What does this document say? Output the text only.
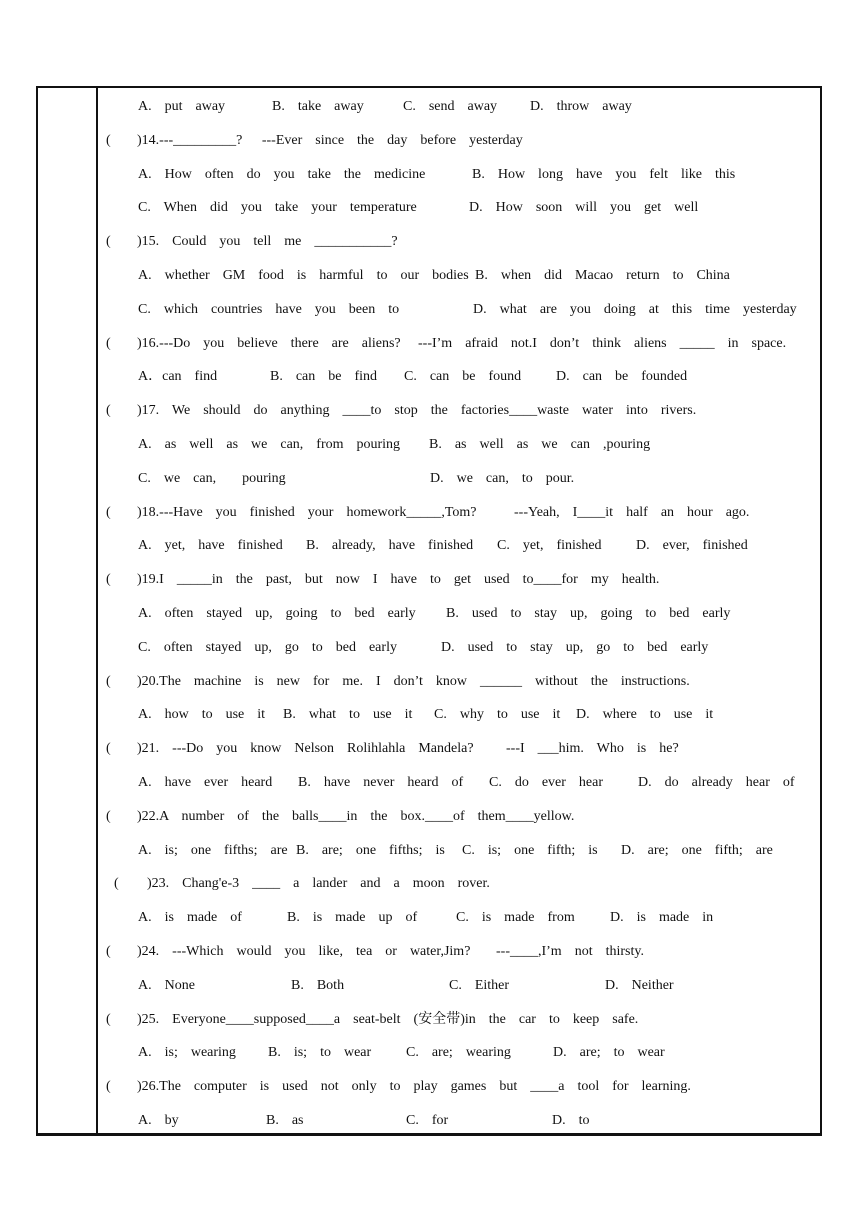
A.  put  away	B.  take  away	C.  send  away D.  throw  away
( )14.---_________?   ---Ever  since  the  day  before  yesterday
A.  How  often  do  you  take  the  medicine	B.  How  long  have  you  felt  like  this
C.  When  did  you  take  your  temperature	D.  How  soon  will  you  get  well
( )15.  Could  you  tell  me  ___________?
A.  whether  GM  food  is  harmful  to  our  bodies B.  when  did  Macao  return  to  China
C.  which  countries  have  you  been  to	D.  what  are  you  doing  at  this  time  yesterday
( )16.---Do  you  believe  there  are  aliens? ---I’m  afraid  not.I  don’t  think  aliens  _____  in  space.
A．can  find	B.  can  be  find C.  can  be  found D.  can  be  founded
( )17.  We  should  do  anything  ____to  stop  the  factories____waste  water  into  rivers.
A.  as  well  as  we  can,  from  pouring B.  as  well  as  we  can  ,pouring
C.  we  can,    pouring	D.  we  can,  to  pour.
( )18.---Have  you  finished  your  homework_____,Tom?	---Yeah,  I____it  half  an  hour  ago.
A.  yet,  have  finished B.  already,  have  finished C.  yet,  finished D.  ever,  finished
( )19.I  _____in  the  past,  but  now  I  have  to  get  used  to____for  my  health.
A.  often  stayed  up,  going  to  bed  early B.  used  to  stay  up,  going  to  bed  early
C.  often  stayed  up,  go  to  bed  early	D.  used  to  stay  up,  go  to  bed  early
( )20.The  machine  is  new  for  me.  I  don’t  know  ______  without  the  instructions.
A.  how  to  use  it B.  what  to  use  it C.  why  to  use  it D.  where  to  use  it
( )21.  ---Do  you  know  Nelson  Rolihlahla  Mandela? ---I  ___him.  Who  is  he?
A.  have  ever  heard B.  have  never  heard  of C.  do  ever  hear D.  do  already  hear  of
( )22.A  number  of  the  balls____in  the  box.____of  them____yellow.
A.  is;  one  fifths;  are B.  are;  one  fifths;  is C.  is;  one  fifth;  is D.  are;  one  fifth;  are
( )23.  Chang'e-3  ____  a  lander  and  a  moon  rover.
A.  is  made  of	B.  is  made  up  of	C.  is  made  from	D.  is  made  in
( )24.  ---Which  would  you  like,  tea  or  water,Jim? ---____,I’m  not  thirsty.
A.  None	B.  Both	C.  Either	D.  Neither
( )25.  Everyone____supposed____a  seat-belt  (安全带)in  the  car  to  keep  safe.
A.  is;  wearing B.  is;  to  wear C.  are;  wearing	D.  are;  to  wear
( )26.The  computer  is  used  not  only  to  play  games  but  ____a  tool  for  learning.
A.  by	B.  as	C.  for	D.  to
